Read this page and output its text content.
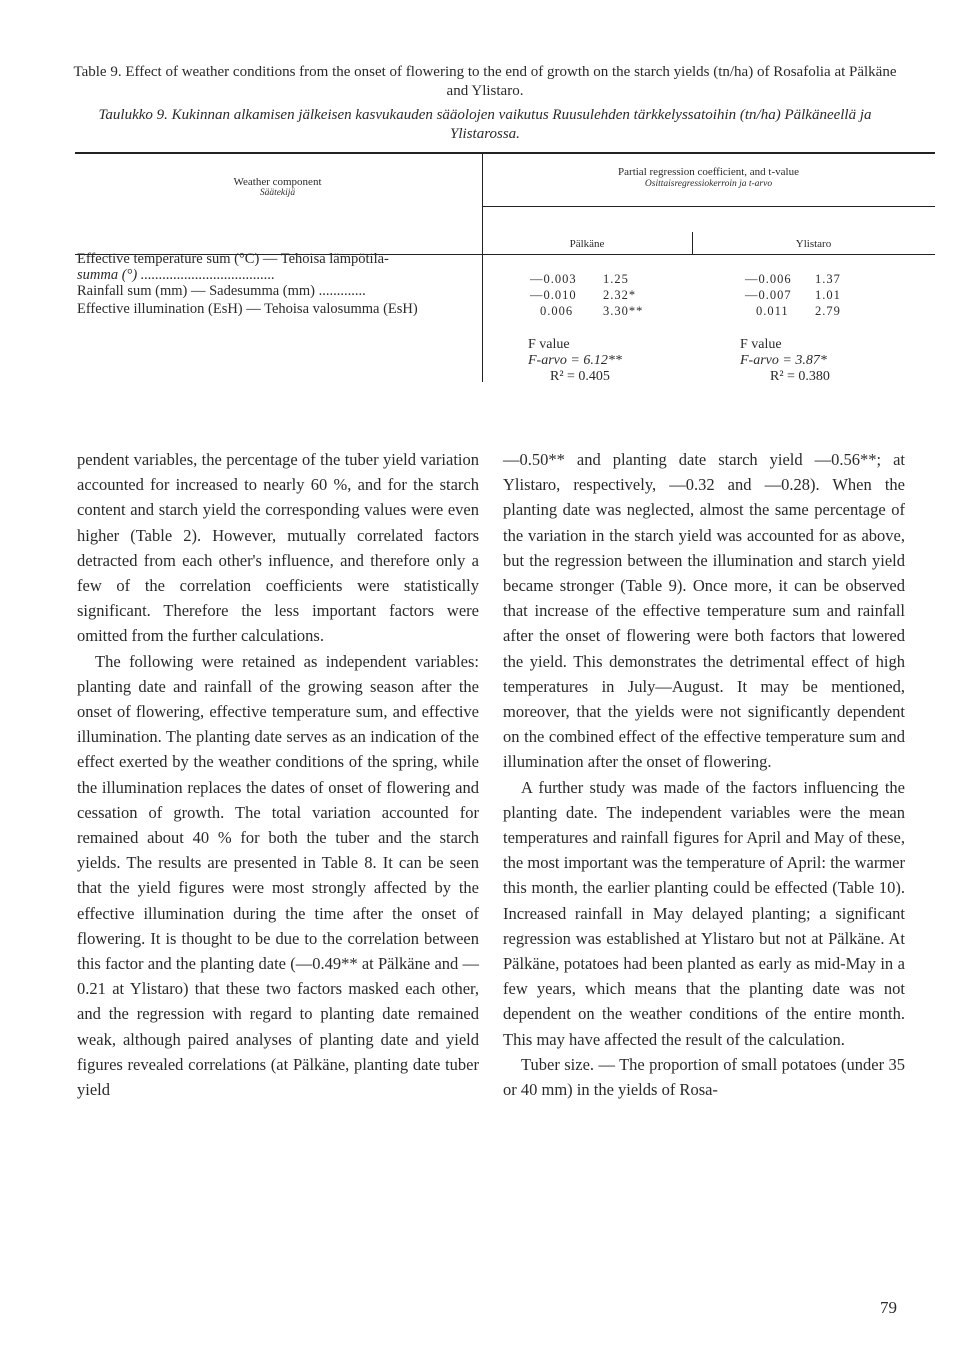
Table 9. Effect of weather conditions from the onset of flowering to the end of growth on the starch yields (tn/ha) of Rosafolia at Pälkäne and Ylistaro.
Taulukko 9. Kukinnan alkamisen jälkeisen kasvukauden sääolojen vaikutus Ruusulehden tärkkelyssatoihin (tn/ha) Pälkäneellä ja Ylistarossa.
Weather component
Säätekijä
Partial regression coefficient, and t-value
Osittaisregressiokerroin ja t-arvo
Pälkäne	Ylistaro
Effective temperature sum (°C) — Tehoisa lämpötila-
summa (°) .....................................
Rainfall sum (mm) — Sadesumma (mm) .............
Effective illumination (EsH) — Tehoisa valosumma (EsH)
—0.003 1.25
—0.010 2.32*
0.006 3.30**
—0.006 1.37
—0.007 1.01
0.011 2.79
F value
F-arvo = 6.12**
R² = 0.405
F value
F-arvo = 3.87*
R² = 0.380

pendent variables, the percentage of the tuber yield variation accounted for increased to nearly 60 %, and for the starch content and starch yield the corresponding values were even higher (Table 2). However, mutually correlated factors detracted from each other's influence, and therefore only a few of the correlation coefficients were statistically significant. Therefore the less important factors were omitted from the further calculations.

The following were retained as independent variables: planting date and rainfall of the growing season after the onset of flowering, effective temperature sum, and effective illumination. The planting date serves as an indication of the effect exerted by the weather conditions of the spring, while the illumination replaces the dates of onset of flowering and cessation of growth. The total variation accounted for remained about 40 % for both the tuber and the starch yields. The results are presented in Table 8. It can be seen that the yield figures were most strongly affected by the effective illumination during the time after the onset of flowering. It is thought to be due to the correlation between this factor and the planting date (—0.49** at Pälkäne and —0.21 at Ylistaro) that these two factors masked each other, and the regression with regard to planting date remained weak, although paired analyses of planting date and yield figures revealed correlations (at Pälkäne, planting date tuber yield

—0.50** and planting date starch yield —0.56**; at Ylistaro, respectively, —0.32 and —0.28). When the planting date was neglected, almost the same percentage of the variation in the starch yield was accounted for as above, but the regression between the illumination and starch yield became stronger (Table 9). Once more, it can be observed that increase of the effective temperature sum and rainfall after the onset of flowering were both factors that lowered the yield. This demonstrates the detrimental effect of high temperatures in July—August. It may be mentioned, moreover, that the yields were not significantly dependent on the combined effect of the effective temperature sum and illumination after the onset of flowering.

A further study was made of the factors influencing the planting date. The independent variables were the mean temperatures and rainfall figures for April and May of these, the most important was the temperature of April: the warmer this month, the earlier planting could be effected (Table 10). Increased rainfall in May delayed planting; a significant regression was established at Ylistaro but not at Pälkäne. At Pälkäne, potatoes had been planted as early as mid-May in a few years, which means that the planting date was not dependent on the weather conditions of the entire month. This may have affected the result of the calculation.

Tuber size. — The proportion of small potatoes (under 35 or 40 mm) in the yields of Rosa-

79
